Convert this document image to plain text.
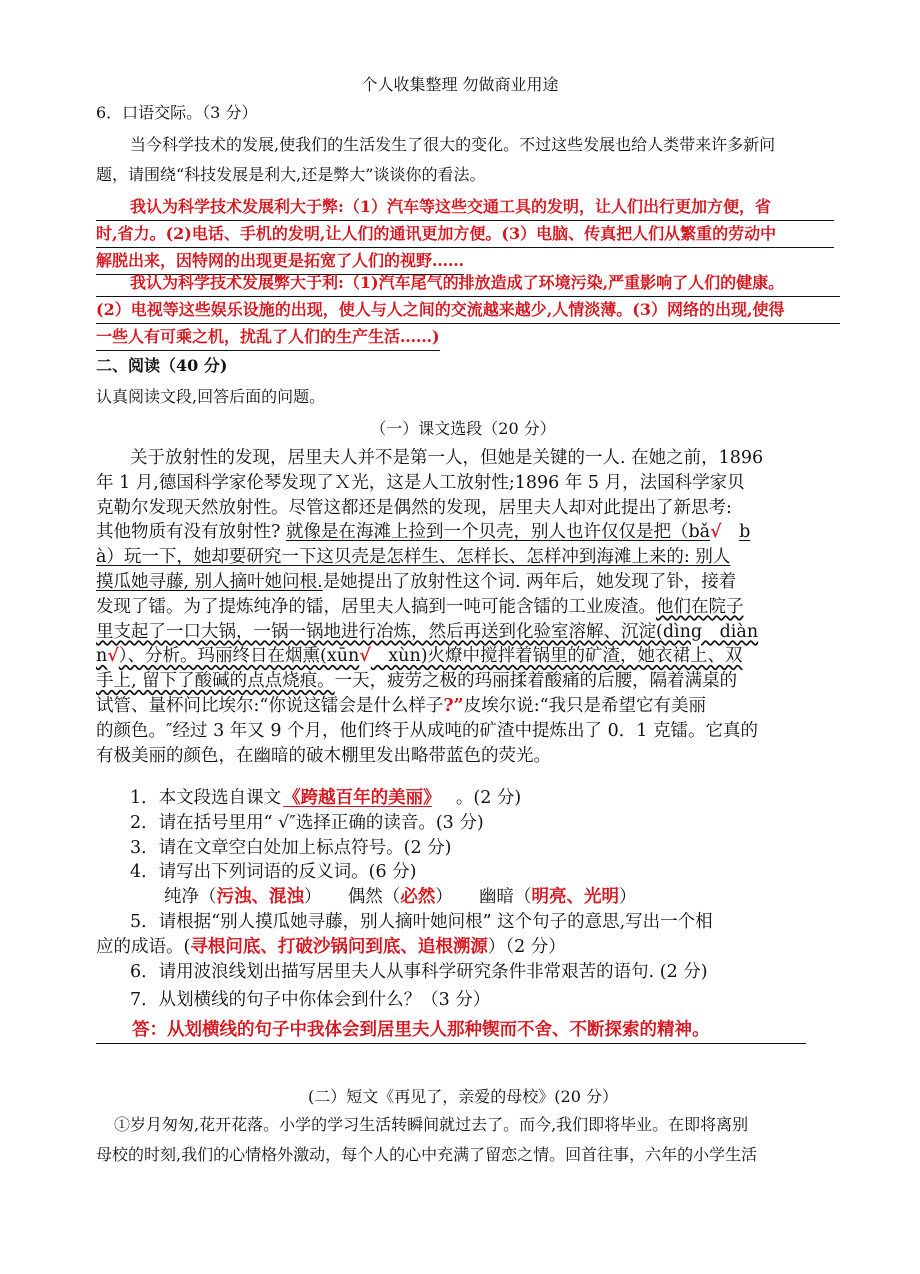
个人收集整理 勿做商业用途
6．口语交际。（3 分）
当今科学技术的发展,使我们的生活发生了很大的变化。不过这些发展也给人类带来许多新问
题，请围绕“科技发展是利大,还是弊大”谈谈你的看法。
我认为科学技术发展利大于弊:（1）汽车等这些交通工具的发明，让人们出行更加方便，省
时,省力。(2)电话、手机的发明,让人们的通讯更加方便。(3）电脑、传真把人们从繁重的劳动中
解脱出来，因特网的出现更是拓宽了人们的视野……
我认为科学技术发展弊大于利:（1)汽车尾气的排放造成了环境污染,严重影响了人们的健康。
(2）电视等这些娱乐设施的出现，使人与人之间的交流越来越少,人情淡薄。(3）网络的出现,使得
一些人有可乘之机，扰乱了人们的生产生活……)
二、阅读（40 分)
认真阅读文段,回答后面的问题。
（一）课文选段（20 分）
关于放射性的发现，居里夫人并不是第一人，但她是关键的一人. 在她之前，1896
年 1 月,德国科学家伦琴发现了Ｘ光，这是人工放射性;1896 年 5 月，法国科学家贝
克勒尔发现天然放射性。尽管这都还是偶然的发现，居里夫人却对此提出了新思考:
其他物质有没有放射性? 就像是在海滩上捡到一个贝壳，别人也许仅仅是把（bǎ√　 b
à）玩一下，她却要研究一下这贝壳是怎样生、怎样长、怎样冲到海滩上来的: 别人
摸瓜她寻藤, 别人摘叶她问根.是她提出了放射性这个词. 两年后，她发现了钋，接着
发现了镭。为了提炼纯净的镭，居里夫人搞到一吨可能含镭的工业废渣。他们在院子
里支起了一口大锅，一锅一锅地进行冶炼，然后再送到化验室溶解、沉淀(dìng　diàn
n√）、分析。玛丽终日在烟熏(xūn√　xùn)火燎中搅拌着锅里的矿渣，她衣裙上、双
手上, 留下了酸碱的点点烧痕。一天，疲劳之极的玛丽揉着酸痛的后腰，隔着满桌的
试管、量杯问比埃尔:“你说这镭会是什么样子?”皮埃尔说:“我只是希望它有美丽
的颜色。″经过 3 年又 9 个月，他们终于从成吨的矿渣中提炼出了 0．1 克镭。它真的
有极美丽的颜色，在幽暗的破木棚里发出略带蓝色的荧光。
1．本文段选自课文 《跨越百年的美丽》 。(2 分)
2．请在括号里用“ √″选择正确的读音。(3 分)
3．请在文章空白处加上标点符号。(2 分)
4．请写出下列词语的反义词。(6 分)
纯净（污浊、混浊）　　偶然（必然）　　幽暗（明亮、光明）
5．请根据“别人摸瓜她寻藤，别人摘叶她问根” 这个句子的意思,写出一个相
应的成语。(寻根问底、打破沙锅问到底、追根溯源）（2 分）
6．请用波浪线划出描写居里夫人从事科学研究条件非常艰苦的语句. (2 分)
7．从划横线的句子中你体会到什么？（3 分）
答：从划横线的句子中我体会到居里夫人那种锲而不舍、不断探索的精神。
(二）短文《再见了，亲爱的母校》(20 分）
①岁月匆匆,花开花落。小学的学习生活转瞬间就过去了。而今,我们即将毕业。在即将离别
母校的时刻,我们的心情格外激动，每个人的心中充满了留恋之情。回首往事，六年的小学生活
